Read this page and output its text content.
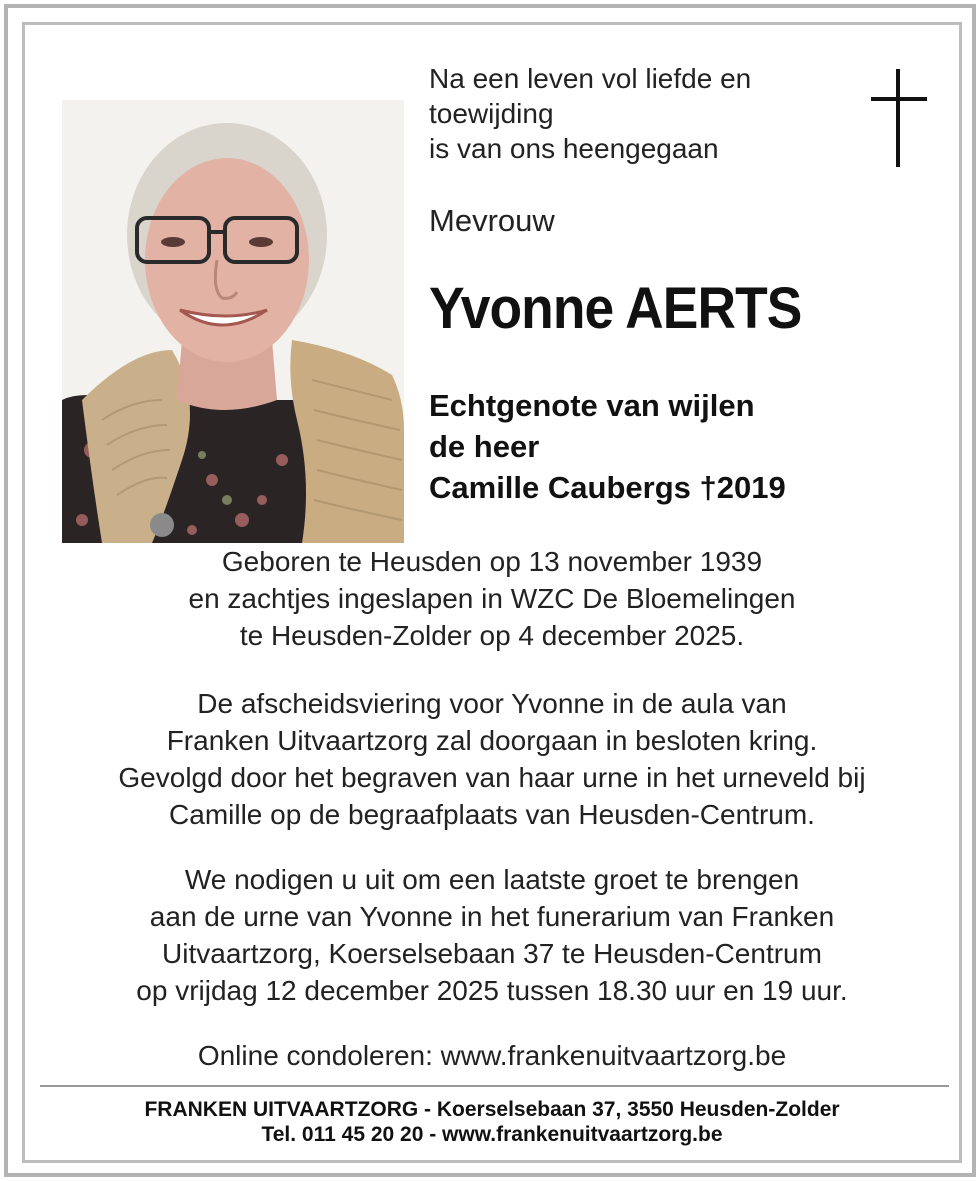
Na een leven vol liefde en
toewijding
is van ons heengegaan
Mevrouw
Yvonne AERTS
Echtgenote van wijlen
de heer
Camille Caubergs †2019
Geboren te Heusden op 13 november 1939
en zachtjes ingeslapen in WZC De Bloemelingen
te Heusden-Zolder op 4 december 2025.
De afscheidsviering voor Yvonne in de aula van
Franken Uitvaartzorg zal doorgaan in besloten kring.
Gevolgd door het begraven van haar urne in het urneveld bij
Camille op de begraafplaats van Heusden-Centrum.
We nodigen u uit om een laatste groet te brengen
aan de urne van Yvonne in het funerarium van Franken
Uitvaartzorg, Koerselsebaan 37 te Heusden-Centrum
op vrijdag 12 december 2025 tussen 18.30 uur en 19 uur.
Online condoleren: www.frankenuitvaartzorg.be
FRANKEN UITVAARTZORG - Koerselsebaan 37, 3550 Heusden-Zolder
Tel. 011 45 20 20 - www.frankenuitvaartzorg.be
